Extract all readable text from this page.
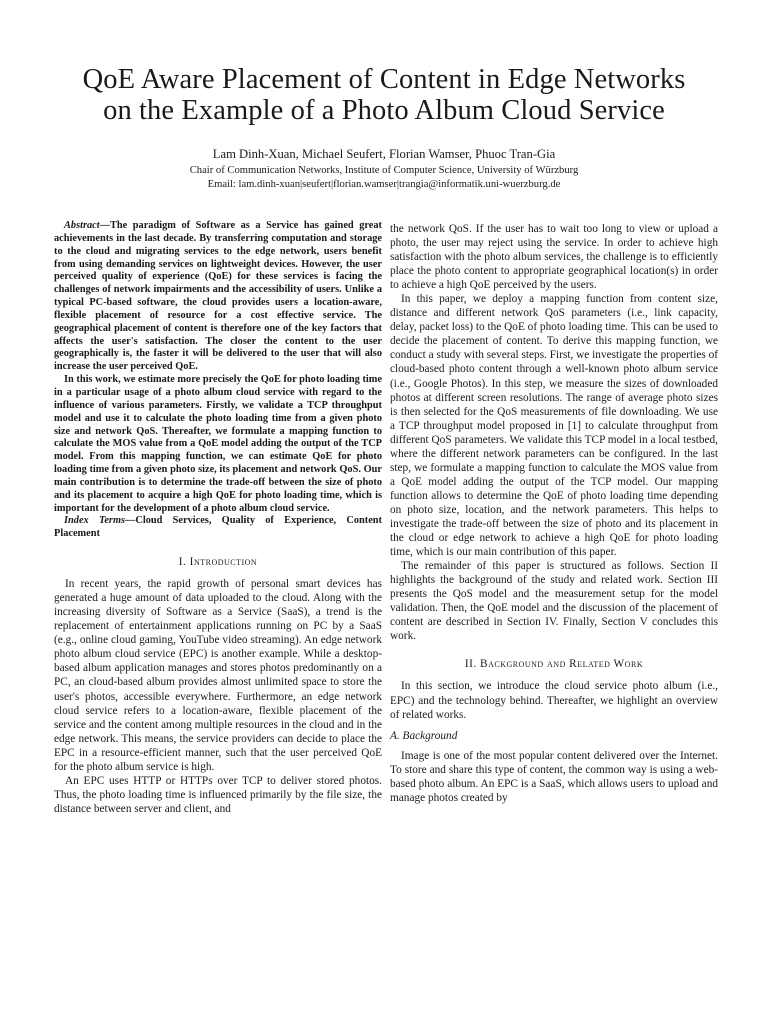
QoE Aware Placement of Content in Edge Networks
on the Example of a Photo Album Cloud Service
Lam Dinh-Xuan, Michael Seufert, Florian Wamser, Phuoc Tran-Gia
Chair of Communication Networks, Institute of Computer Science, University of Würzburg
Email: lam.dinh-xuan|seufert|florian.wamser|trangia@informatik.uni-wuerzburg.de

Abstract—The paradigm of Software as a Service has gained great achievements in the last decade. By transferring computation and storage to the cloud and migrating services to the edge network, users benefit from using demanding services on lightweight devices. However, the user perceived quality of experience (QoE) for these services is facing the challenges of network impairments and the accessibility of users. Unlike a typical PC-based software, the cloud provides users a location-aware, flexible placement of resource for a cost effective service. The geographical placement of content is therefore one of the key factors that affects the user's satisfaction. The closer the content to the user geographically is, the faster it will be delivered to the user that will also increase the user perceived QoE.

In this work, we estimate more precisely the QoE for photo loading time in a particular usage of a photo album cloud service with regard to the influence of various parameters. Firstly, we validate a TCP throughput model and use it to calculate the photo loading time from a given photo size and network QoS. Thereafter, we formulate a mapping function to calculate the MOS value from a QoE model adding the output of the TCP model. From this mapping function, we can estimate QoE for photo loading time from a given photo size, its placement and network QoS. Our main contribution is to determine the trade-off between the size of photo and its placement to acquire a high QoE for photo loading time, which is important for the development of a photo album cloud service.

Index Terms—Cloud Services, Quality of Experience, Content Placement

I. Introduction

In recent years, the rapid growth of personal smart devices has generated a huge amount of data uploaded to the cloud. Along with the increasing diversity of Software as a Service (SaaS), a trend is the replacement of entertainment applications running on PC by a SaaS (e.g., online cloud gaming, YouTube video streaming). An edge network photo album cloud service (EPC) is another example. While a desktop-based album application manages and stores photos predominantly on a PC, an cloud-based album provides almost unlimited space to store the user's photos, accessible everywhere. Furthermore, an edge network cloud service refers to a location-aware, flexible placement of the service and the content among multiple resources in the cloud and in the edge network. This means, the service providers can decide to place the EPC in a resource-efficient manner, such that the user perceived QoE for the photo album service is high.

An EPC uses HTTP or HTTPs over TCP to deliver stored photos. Thus, the photo loading time is influenced primarily by the file size, the distance between server and client, and

the network QoS. If the user has to wait too long to view or upload a photo, the user may reject using the service. In order to achieve high satisfaction with the photo album services, the challenge is to efficiently place the photo content to appropriate geographical location(s) in order to achieve a high QoE perceived by the users.

In this paper, we deploy a mapping function from content size, distance and different network QoS parameters (i.e., link capacity, delay, packet loss) to the QoE of photo loading time. This can be used to decide the placement of content. To derive this mapping function, we conduct a study with several steps. First, we investigate the properties of cloud-based photo content through a well-known photo album service (i.e., Google Photos). In this step, we measure the sizes of downloaded photos at different screen resolutions. The range of average photo sizes is then selected for the QoS measurements of file downloading. We use a TCP throughput model proposed in [1] to calculate throughput from different QoS parameters. We validate this TCP model in a local testbed, where the different network parameters can be configured. In the last step, we formulate a mapping function to calculate the MOS value from a QoE model adding the output of the TCP model. Our mapping function allows to determine the QoE of photo loading time depending on photo size, location, and the network parameters. This helps to investigate the trade-off between the size of photo and its placement in the cloud or edge network to achieve a high QoE for photo loading time, which is our main contribution of this paper.

The remainder of this paper is structured as follows. Section II highlights the background of the study and related work. Section III presents the QoS model and the measurement setup for the model validation. Then, the QoE model and the discussion of the placement of content are described in Section IV. Finally, Section V concludes this work.

II. Background and Related Work

In this section, we introduce the cloud service photo album (i.e., EPC) and the technology behind. Thereafter, we highlight an overview of related works.

A. Background

Image is one of the most popular content delivered over the Internet. To store and share this type of content, the common way is using a web-based photo album. An EPC is a SaaS, which allows users to upload and manage photos created by
